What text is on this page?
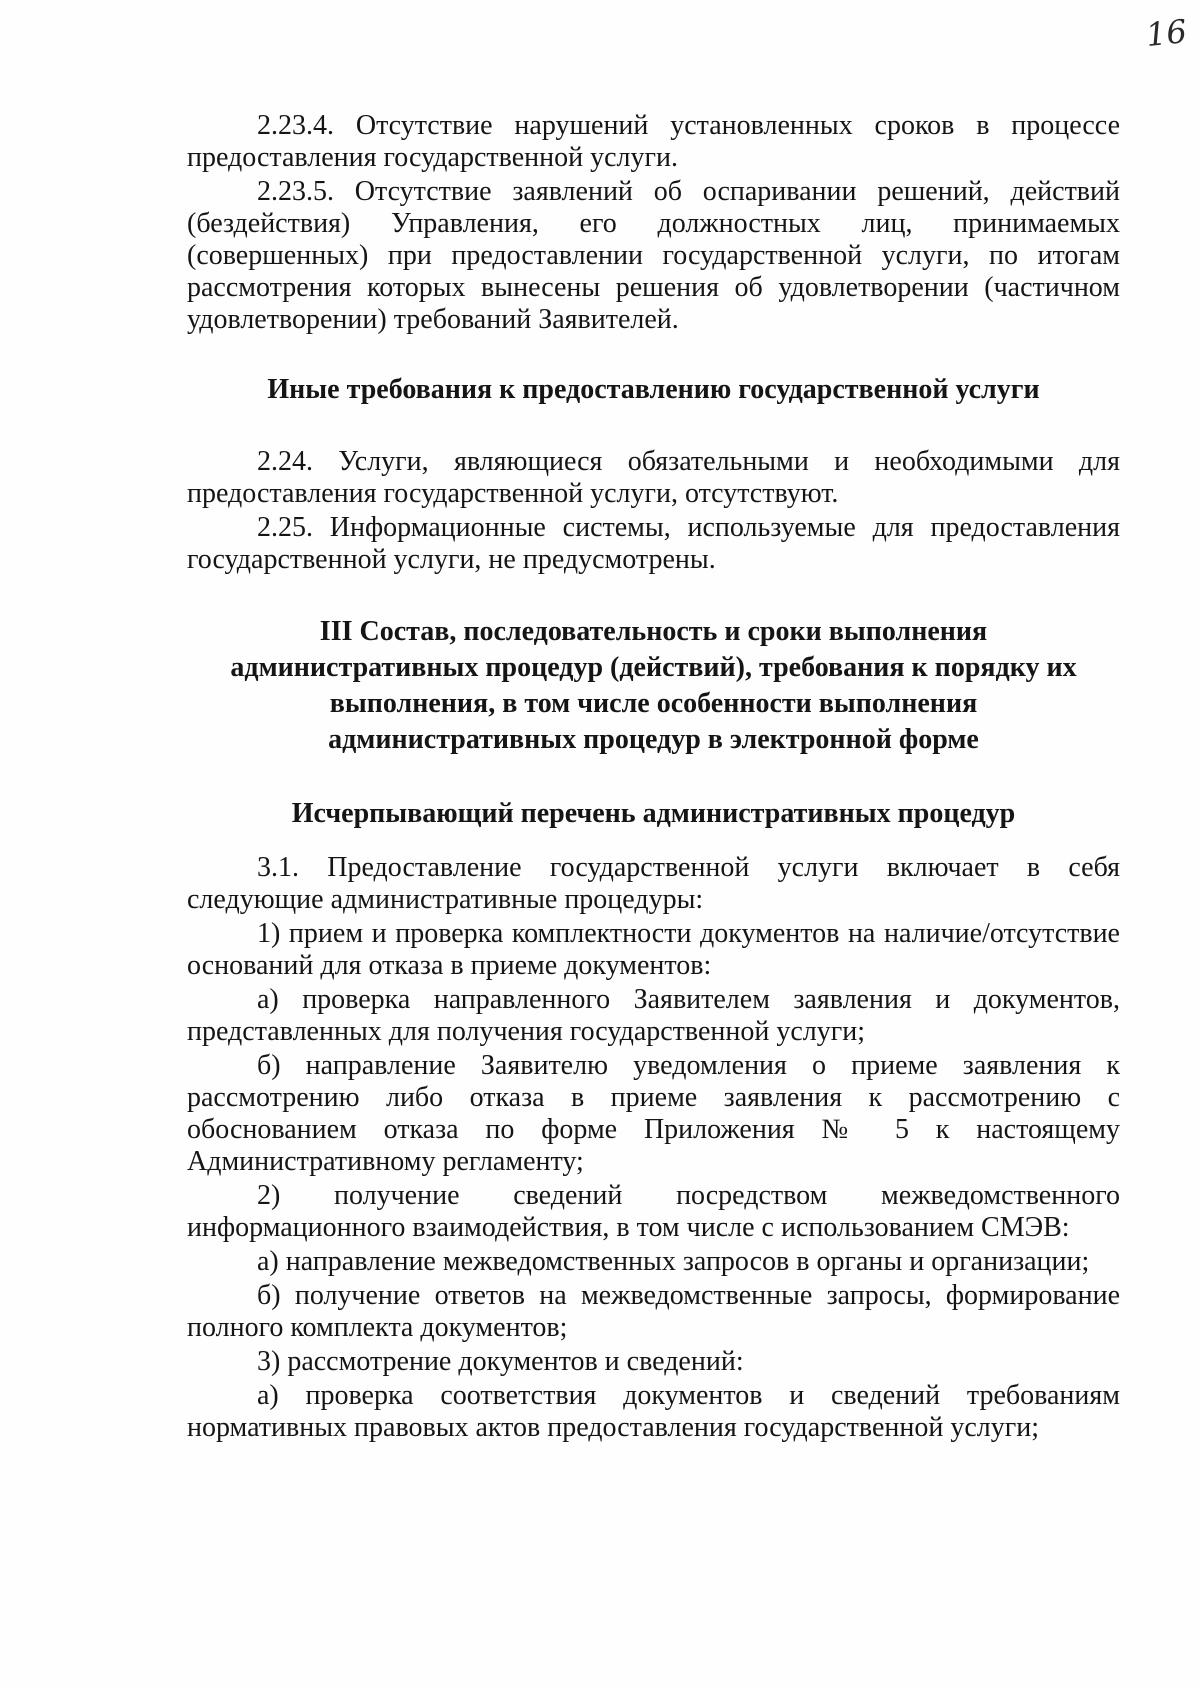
16

2.23.4. Отсутствие нарушений установленных сроков в процессе предоставления государственной услуги.

2.23.5. Отсутствие заявлений об оспаривании решений, действий (бездействия) Управления, его должностных лиц, принимаемых (совершенных) при предоставлении государственной услуги, по итогам рассмотрения которых вынесены решения об удовлетворении (частичном удовлетворении) требований Заявителей.

Иные требования к предоставлению государственной услуги

2.24. Услуги, являющиеся обязательными и необходимыми для предоставления государственной услуги, отсутствуют.

2.25. Информационные системы, используемые для предоставления государственной услуги, не предусмотрены.

III Состав, последовательность и сроки выполнения
административных процедур (действий), требования к порядку их
выполнения, в том числе особенности выполнения
административных процедур в электронной форме

Исчерпывающий перечень административных процедур

3.1. Предоставление государственной услуги включает в себя следующие административные процедуры:

1) прием и проверка комплектности документов на наличие/отсутствие оснований для отказа в приеме документов:

а) проверка направленного Заявителем заявления и документов, представленных для получения государственной услуги;

б) направление Заявителю уведомления о приеме заявления к рассмотрению либо отказа в приеме заявления к рассмотрению с обоснованием отказа по форме Приложения № 5 к настоящему Административному регламенту;

2) получение сведений посредством межведомственного информационного взаимодействия, в том числе с использованием СМЭВ:

а) направление межведомственных запросов в органы и организации;

б) получение ответов на межведомственные запросы, формирование полного комплекта документов;

3) рассмотрение документов и сведений:

а) проверка соответствия документов и сведений требованиям нормативных правовых актов предоставления государственной услуги;
